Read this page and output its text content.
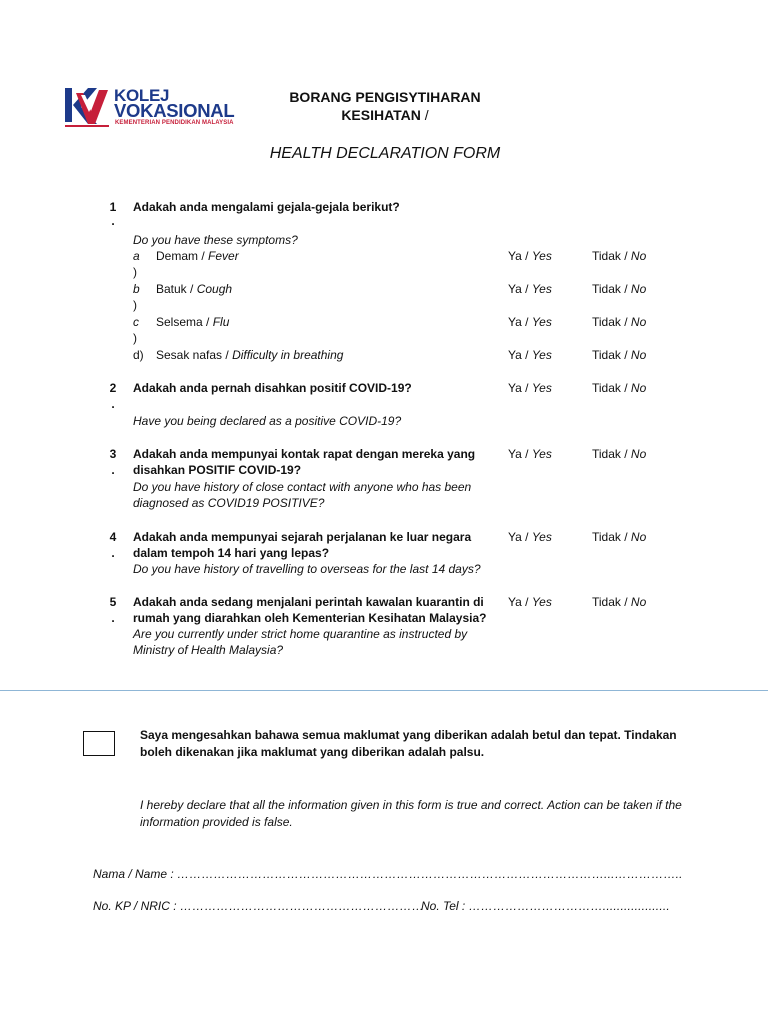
KOLEJ
VOKASIONAL
KEMENTERIAN PENDIDIKAN MALAYSIA
BORANG PENGISYTIHARAN
KESIHATAN /
HEALTH DECLARATION FORM
1
.
Adakah anda mengalami gejala-gejala berikut?
Do you have these symptoms?
a
)
Demam / Fever	Ya / Yes	Tidak / No
b
)
Batuk / Cough	Ya / Yes	Tidak / No
c
)
Selsema / Flu	Ya / Yes	Tidak / No
d) Sesak nafas / Difficulty in breathing	Ya / Yes	Tidak / No
2
.
Adakah anda pernah disahkan positif COVID-19?
Have you being declared as a positive COVID-19?
Ya / Yes	Tidak / No
3
.
Adakah anda mempunyai kontak rapat dengan mereka yang
disahkan POSITIF COVID-19?
Do you have history of close contact with anyone who has been
diagnosed as COVID19 POSITIVE?
Ya / Yes	Tidak / No
4
.
Adakah anda mempunyai sejarah perjalanan ke luar negara
dalam tempoh 14 hari yang lepas?
Do you have history of travelling to overseas for the last 14 days?
Ya / Yes	Tidak / No
5
.
Adakah anda sedang menjalani perintah kawalan kuarantin di
rumah yang diarahkan oleh Kementerian Kesihatan Malaysia?
Are you currently under strict home quarantine as instructed by
Ministry of Health Malaysia?
Ya / Yes	Tidak / No
Saya mengesahkan bahawa semua maklumat yang diberikan adalah betul dan tepat. Tindakan
boleh dikenakan jika maklumat yang diberikan adalah palsu.
I hereby declare that all the information given in this form is true and correct. Action can be taken if the
information provided is false.
Nama / Name : ……………………………………………………………………………………………...……………..
No. KP / NRIC : ……………………………………………………
No. Tel : ……………………………...................
